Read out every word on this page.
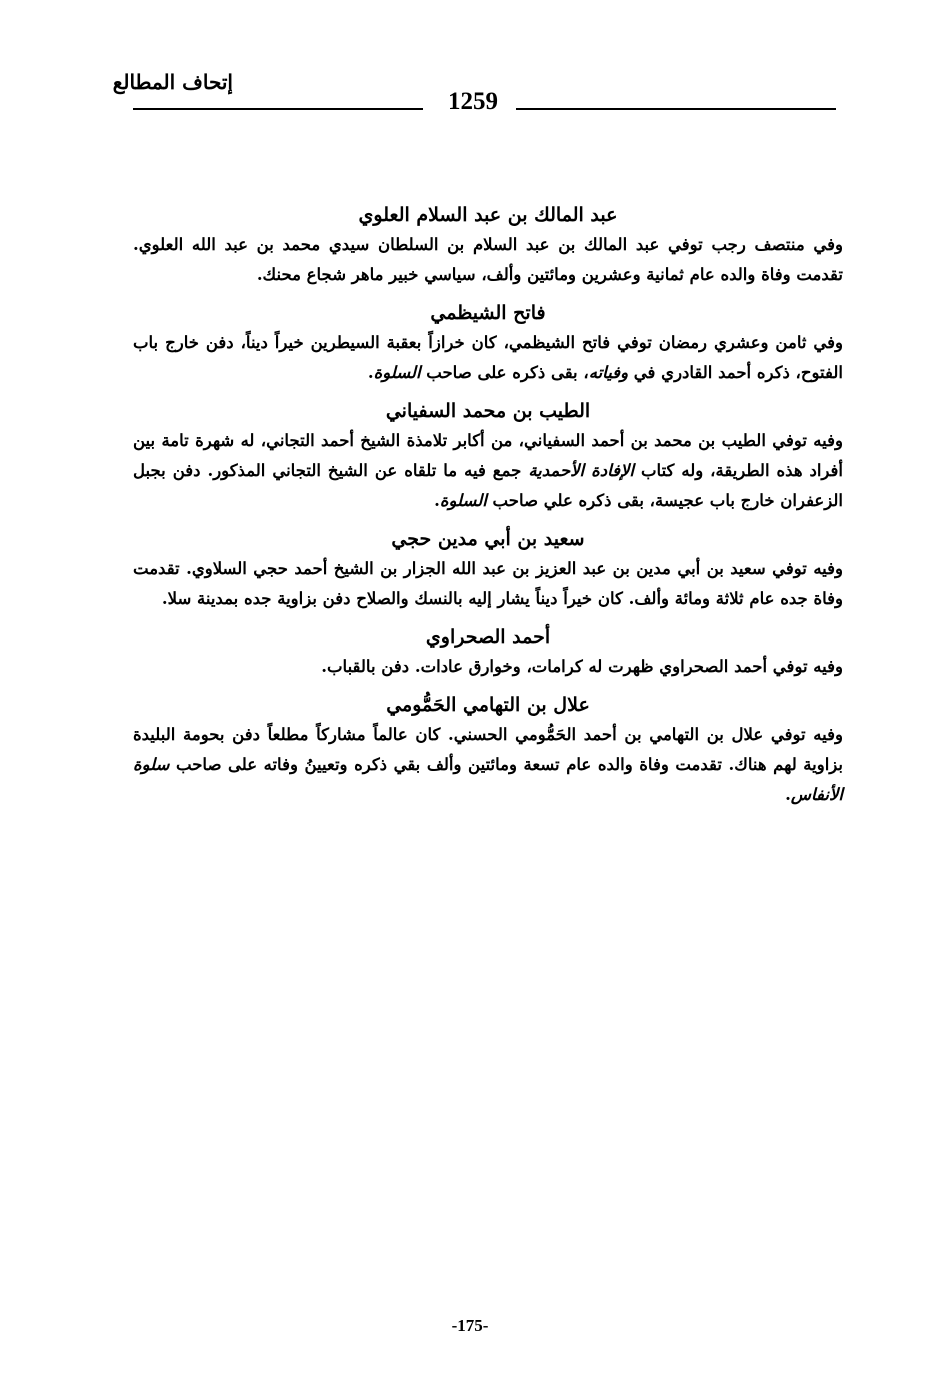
إتحاف المطالع
1259
عبد المالك بن عبد السلام العلوي

وفي منتصف رجب توفي عبد المالك بن عبد السلام بن السلطان سيدي محمد بن عبد الله العلوي. تقدمت وفاة والده عام ثمانية وعشرين ومائتين وألف، سياسي خبير ماهر شجاع محنك.

فاتح الشيظمي

وفي ثامن وعشري رمضان توفي فاتح الشيظمي، كان خرازاً بعقبة السيطرين خيراً ديناً، دفن خارج باب الفتوح، ذكره أحمد القادري في وفياته، بقى ذكره على صاحب السلوة.

الطيب بن محمد السفياني

وفيه توفي الطيب بن محمد بن أحمد السفياني، من أكابر تلامذة الشيخ أحمد التجاني، له شهرة تامة بين أفراد هذه الطريقة، وله كتاب الإفادة الأحمدية جمع فيه ما تلقاه عن الشيخ التجاني المذكور. دفن بجبل الزعفران خارج باب عجيسة، بقى ذكره علي صاحب السلوة.

سعيد بن أبي مدين حجي

وفيه توفي سعيد بن أبي مدين بن عبد العزيز بن عبد الله الجزار بن الشيخ أحمد حجي السلاوي. تقدمت وفاة جده عام ثلاثة ومائة وألف. كان خيراً ديناً يشار إليه بالنسك والصلاح دفن بزاوية جده بمدينة سلا.

أحمد الصحراوي

وفيه توفي أحمد الصحراوي ظهرت له كرامات، وخوارق عادات. دفن بالقباب.

علال بن التهامي الحَمُّومي

وفيه توفي علال بن التهامي بن أحمد الحَمُّومي الحسني. كان عالماً مشاركاً مطلعاً دفن بحومة البليدة بزاوية لهم هناك. تقدمت وفاة والده عام تسعة ومائتين وألف بقي ذكره وتعيينُ وفاته على صاحب سلوة الأنفاس.

-175-
